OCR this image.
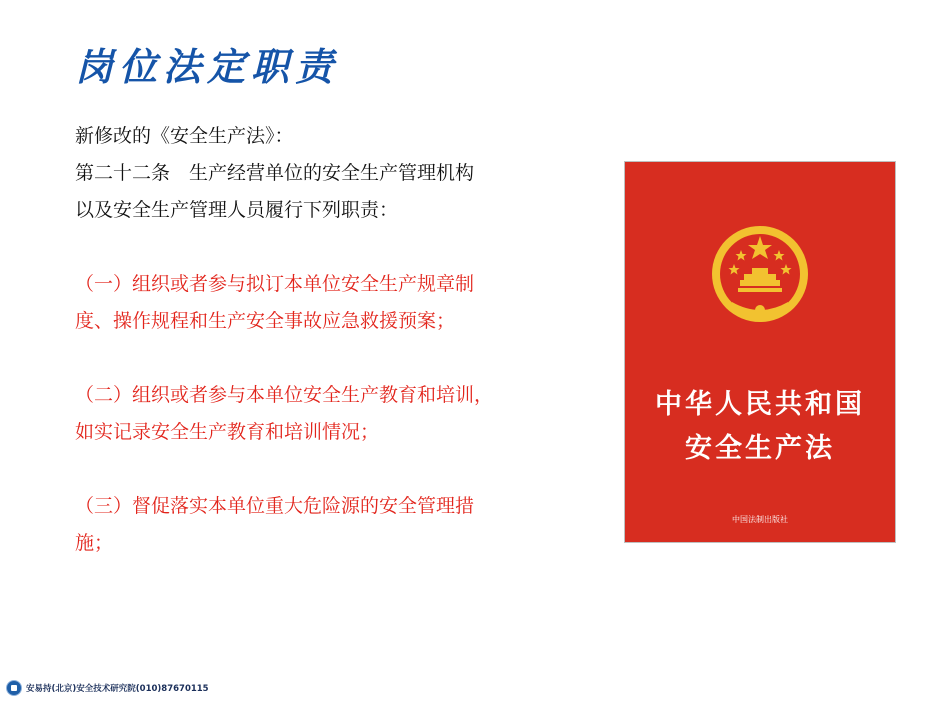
岗位法定职责
新修改的《安全生产法》：
第二十二条　生产经营单位的安全生产管理机构
以及安全生产管理人员履行下列职责：
（一）组织或者参与拟订本单位安全生产规章制
度、操作规程和生产安全事故应急救援预案；
（二）组织或者参与本单位安全生产教育和培训，
如实记录安全生产教育和培训情况；
（三）督促落实本单位重大危险源的安全管理措
施；
中华人民共和国
安全生产法
中国法制出版社
安易持(北京)安全技术研究院(010)87670115
